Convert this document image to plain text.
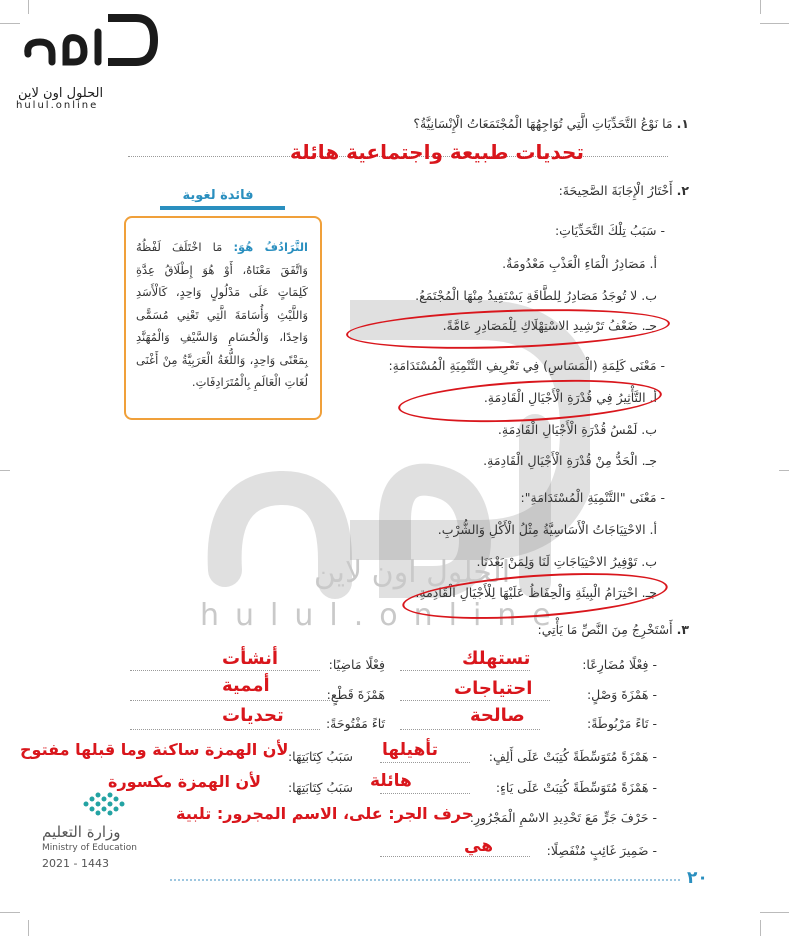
الحلول اون لاين
hulul.online
الحلول اون لاين
hulul.online
١. مَا نَوْعُ التَّحَدِّيَاتِ الَّتِي تُوَاجِهُهَا الْمُجْتَمَعَاتُ الْإِنْسَانِيَّةُ؟
تحديات طبيعة واجتماعية هائلة
٢. أَخْتَارُ الْإِجَابَةَ الصَّحِيحَةَ:
- سَبَبُ تِلْكَ التَّحَدِّيَاتِ:
أ. مَصَادِرُ الْمَاءِ الْعَذْبِ مَعْدُومَةٌ.
ب. لا تُوجَدُ مَصَادِرُ لِلطَّاقَةِ يَسْتَفِيدُ مِنْهَا الْمُجْتَمَعُ.
جـ. ضَعْفُ تَرْشِيدِ الاسْتِهْلَاكِ لِلْمَصَادِرِ عَامَّةً.
- مَعْنَى كَلِمَةِ (الْمَسَاسِ) فِي تَعْرِيفِ التَّنْمِيَةِ الْمُسْتَدَامَةِ:
أ. التَّأْثِيرُ فِي قُدْرَةِ الْأَجْيَالِ الْقَادِمَةِ.
ب. لَمْسُ قُدْرَةِ الْأَجْيَالِ الْقَادِمَةِ.
جـ. الْحَدُّ مِنْ قُدْرَةِ الْأَجْيَالِ الْقَادِمَةِ.
- مَعْنَى "التَّنْمِيَةِ الْمُسْتَدَامَةِ":
أ. الاحْتِيَاجَاتُ الْأَسَاسِيَّةُ مِثْلُ الْأَكْلِ وَالشُّرْبِ.
ب. تَوْفِيرُ الاحْتِيَاجَاتِ لَنَا وَلِمَنْ بَعْدَنَا.
جـ. احْتِرَامُ الْبِيئَةِ وَالْحِفَاظُ عَلَيْهَا لِلْأَجْيَالِ الْقَادِمَةِ.
فائدة لغوية
التَّرَادُفُ هُوَ: مَا اخْتَلَفَ لَفْظُهُ وَاتَّفَقَ مَعْنَاهُ، أَوْ هُوَ إِطْلَاقُ عِدَّةِ كَلِمَاتٍ عَلَى مَدْلُولٍ وَاحِدٍ، كَالْأَسَدِ وَاللَّيْثِ وَأُسَامَةَ الَّتِي تَعْنِي مُسَمًّى وَاحِدًا، وَالْحُسَامِ وَالسَّيْفِ وَالْمُهَنَّدِ بِمَعْنًى وَاحِدٍ، وَاللُّغَةُ الْعَرَبِيَّةُ مِنْ أَغْنَى لُغَاتِ الْعَالَمِ بِالْمُتَرَادِفَاتِ.
٣. أَسْتَخْرِجُ مِنَ النَّصِّ مَا يَأْتِي:
- فِعْلًا مُضَارِعًا:
تستهلك
فِعْلًا مَاضِيًا:
أنشأت
- هَمْزَةَ وَصْلٍ:
احتياجات
هَمْزَةَ قَطْعٍ:
أممية
- تَاءً مَرْبُوطَةً:
صالحة
تَاءً مَفْتُوحَةً:
تحديات
- هَمْزَةً مُتَوَسِّطَةً كُتِبَتْ عَلَى أَلِفٍ:
تأهيلها
سَبَبُ كِتَابَتِهَا:
لأن الهمزة ساكنة وما قبلها مفتوح
- هَمْزَةً مُتَوَسِّطَةً كُتِبَتْ عَلَى يَاءٍ:
هائلة
سَبَبُ كِتَابَتِهَا:
لأن الهمزة مكسورة
- حَرْفَ جَرٍّ مَعَ تَحْدِيدِ الاسْمِ الْمَجْرُورِ:
حرف الجر: على، الاسم المجرور: تلبية
- ضَمِيرَ غَائِبٍ مُنْفَصِلًا:
هي
وزارة التعليم
Ministry of Education
2021 - 1443
٢٠
